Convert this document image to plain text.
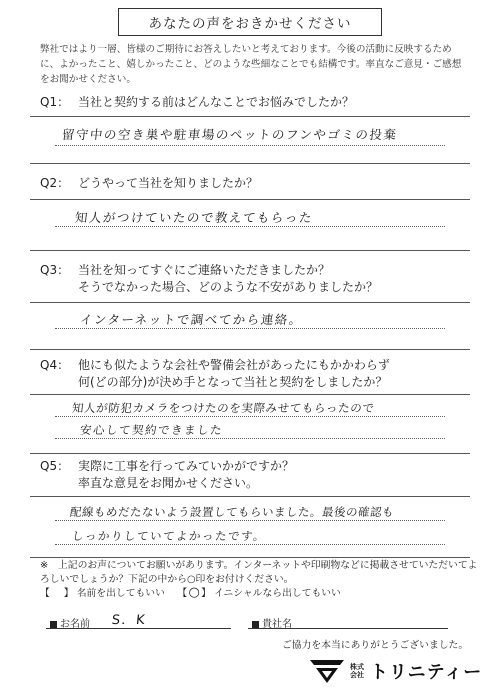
あなたの声をおきかせください
弊社ではより一層、皆様のご期待にお答えしたいと考えております。今後の活動に反映するために、よかったこと、嬉しかったこと、どのような些細なことでも結構です。率直なご意見・ご感想をお聞かせください。
Q1： 当社と契約する前はどんなことでお悩みでしたか？
留守中の空き巣や駐車場のペットのフンやゴミの投棄
Q2： どうやって当社を知りましたか？
知人がつけていたので教えてもらった
Q3： 当社を知ってすぐにご連絡いただきましたか？
そうでなかった場合、どのような不安がありましたか？
インターネットで調べてから連絡。
Q4： 他にも似たような会社や警備会社があったにもかかわらず
何(どの部分)が決め手となって当社と契約をしましたか？
知人が防犯カメラをつけたのを実際みせてもらったので
安心して契約できました
Q5： 実際に工事を行ってみていかがですか？
率直な意見をお聞かせください。
配線もめだたないよう設置してもらいました。最後の確認も
しっかりしていてよかったです。
※　上記のお声についてお願いがあります。インターネットや印刷物などに掲載させていただいてよろしいでしょうか？下記の中から○印をお付けください。
【 】 名前を出してもいい 【○】 イニシャルなら出してもいい
お名前 S．K	貴社名
ご協力を本当にありがとうございました。
株式
会社 トリニティー
